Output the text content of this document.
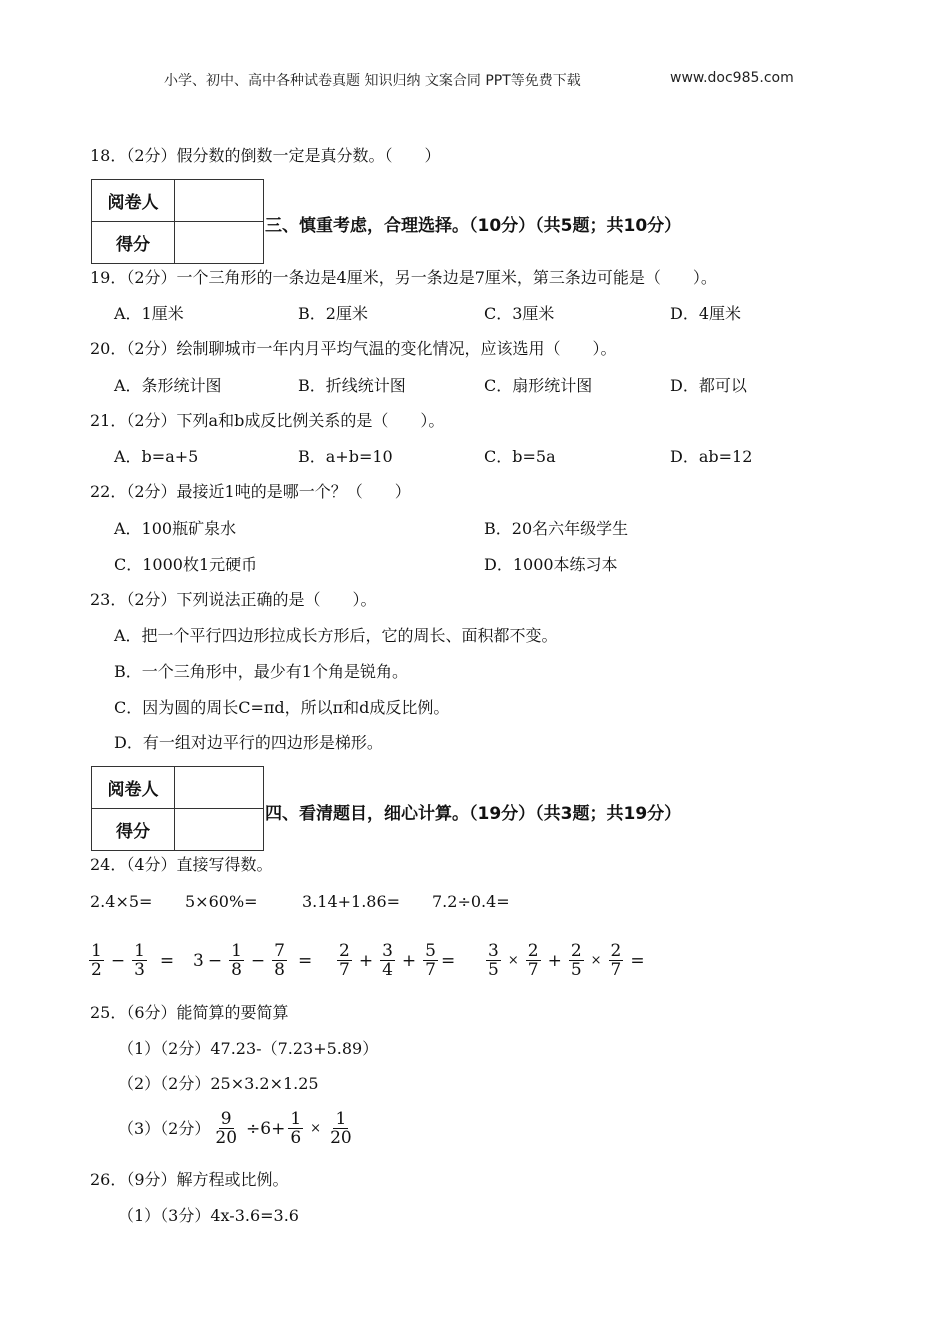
小学、初中、高中各种试卷真题 知识归纳 文案合同 PPT等免费下载	www.doc985.com
18．（2分）假分数的倒数一定是真分数。（　　）
阅卷人	
得分	
三、慎重考虑，合理选择。（10分）（共5题；共10分）
19．（2分）一个三角形的一条边是4厘米，另一条边是7厘米，第三条边可能是（　　）。
A．1厘米	B．2厘米	C．3厘米	D．4厘米
20．（2分）绘制聊城市一年内月平均气温的变化情况，应该选用（　　）。
A．条形统计图	B．折线统计图	C．扇形统计图	D．都可以
21．（2分）下列a和b成反比例关系的是（　　）。
A．b=a+5	B．a+b=10	C．b=5a	D．ab=12
22．（2分）最接近1吨的是哪一个？（　　）
A．100瓶矿泉水	B．20名六年级学生
C．1000枚1元硬币	D．1000本练习本
23．（2分）下列说法正确的是（　　）。
A．把一个平行四边形拉成长方形后，它的周长、面积都不变。
B．一个三角形中，最少有1个角是锐角。
C．因为圆的周长C=πd，所以π和d成反比例。
D．有一组对边平行的四边形是梯形。
阅卷人	
得分	
四、看清题目，细心计算。（19分）（共3题；共19分）
24．（4分）直接写得数。
2.4×5= 5×60%=	3.14+1.86= 7.2÷0.4=
$\frac{1}{2} - \frac{1}{3} = 3 - \frac{1}{8} - \frac{7}{8} = \frac{2}{7} + \frac{3}{4} + \frac{5}{7} = \frac{3}{5} \times \frac{2}{7} + \frac{2}{5} \times \frac{2}{7}$ =
25．（6分）能简算的要简算
（1）（2分）47.23-（7.23+5.89）
（2）（2分）25×3.2×1.25
（3）（2分） $\frac{9}{20} \div 6+ \frac{1}{6} \times \frac{1}{20}$
26．（9分）解方程或比例。
（1）（3分）4x-3.6=3.6
